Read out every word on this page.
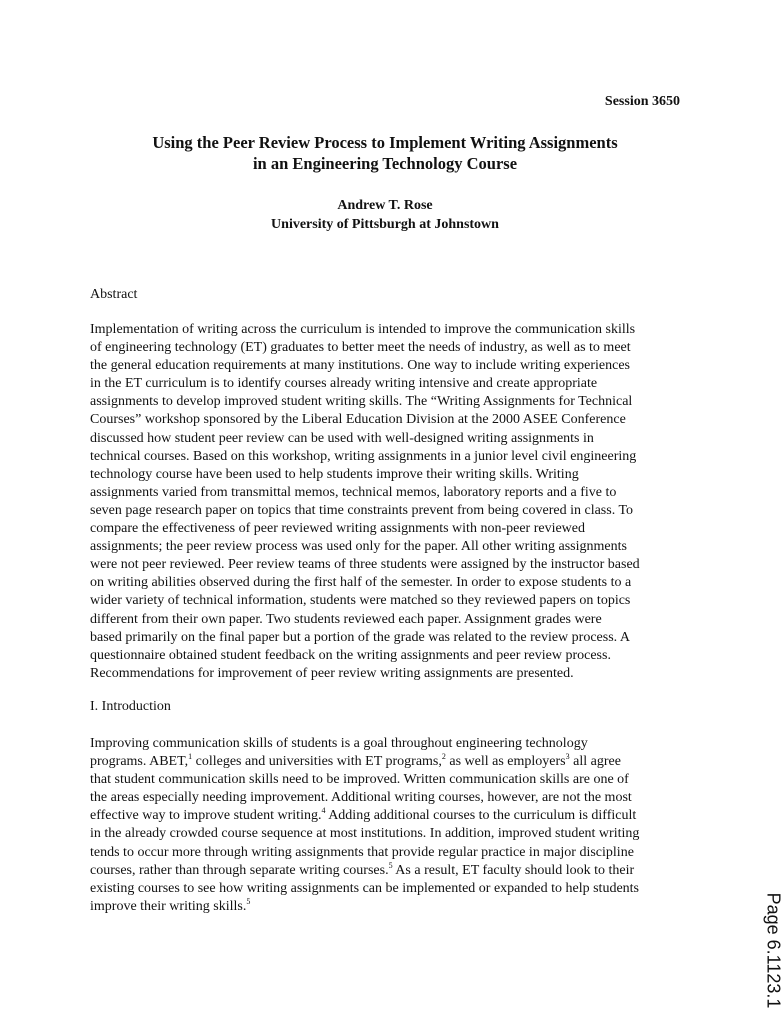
Session 3650
Using the Peer Review Process to Implement Writing Assignments
in an Engineering Technology Course
Andrew T. Rose
University of Pittsburgh at Johnstown
Abstract
Implementation of writing across the curriculum is intended to improve the communication skills
of engineering technology (ET) graduates to better meet the needs of industry, as well as to meet
the general education requirements at many institutions. One way to include writing experiences
in the ET curriculum is to identify courses already writing intensive and create appropriate
assignments to develop improved student writing skills. The “Writing Assignments for Technical
Courses” workshop sponsored by the Liberal Education Division at the 2000 ASEE Conference
discussed how student peer review can be used with well-designed writing assignments in
technical courses. Based on this workshop, writing assignments in a junior level civil engineering
technology course have been used to help students improve their writing skills. Writing
assignments varied from transmittal memos, technical memos, laboratory reports and a five to
seven page research paper on topics that time constraints prevent from being covered in class. To
compare the effectiveness of peer reviewed writing assignments with non-peer reviewed
assignments; the peer review process was used only for the paper. All other writing assignments
were not peer reviewed. Peer review teams of three students were assigned by the instructor based
on writing abilities observed during the first half of the semester. In order to expose students to a
wider variety of technical information, students were matched so they reviewed papers on topics
different from their own paper. Two students reviewed each paper. Assignment grades were
based primarily on the final paper but a portion of the grade was related to the review process. A
questionnaire obtained student feedback on the writing assignments and peer review process.
Recommendations for improvement of peer review writing assignments are presented.
I. Introduction
Improving communication skills of students is a goal throughout engineering technology
programs. ABET,$^1$ colleges and universities with ET programs,$^2$ as well as employers$^3$ all agree
that student communication skills need to be improved. Written communication skills are one of
the areas especially needing improvement. Additional writing courses, however, are not the most
effective way to improve student writing.$^4$ Adding additional courses to the curriculum is difficult
in the already crowded course sequence at most institutions. In addition, improved student writing
tends to occur more through writing assignments that provide regular practice in major discipline
courses, rather than through separate writing courses.$^5$ As a result, ET faculty should look to their
existing courses to see how writing assignments can be implemented or expanded to help students
improve their writing skills.$^5$	Page 6.1123.1
